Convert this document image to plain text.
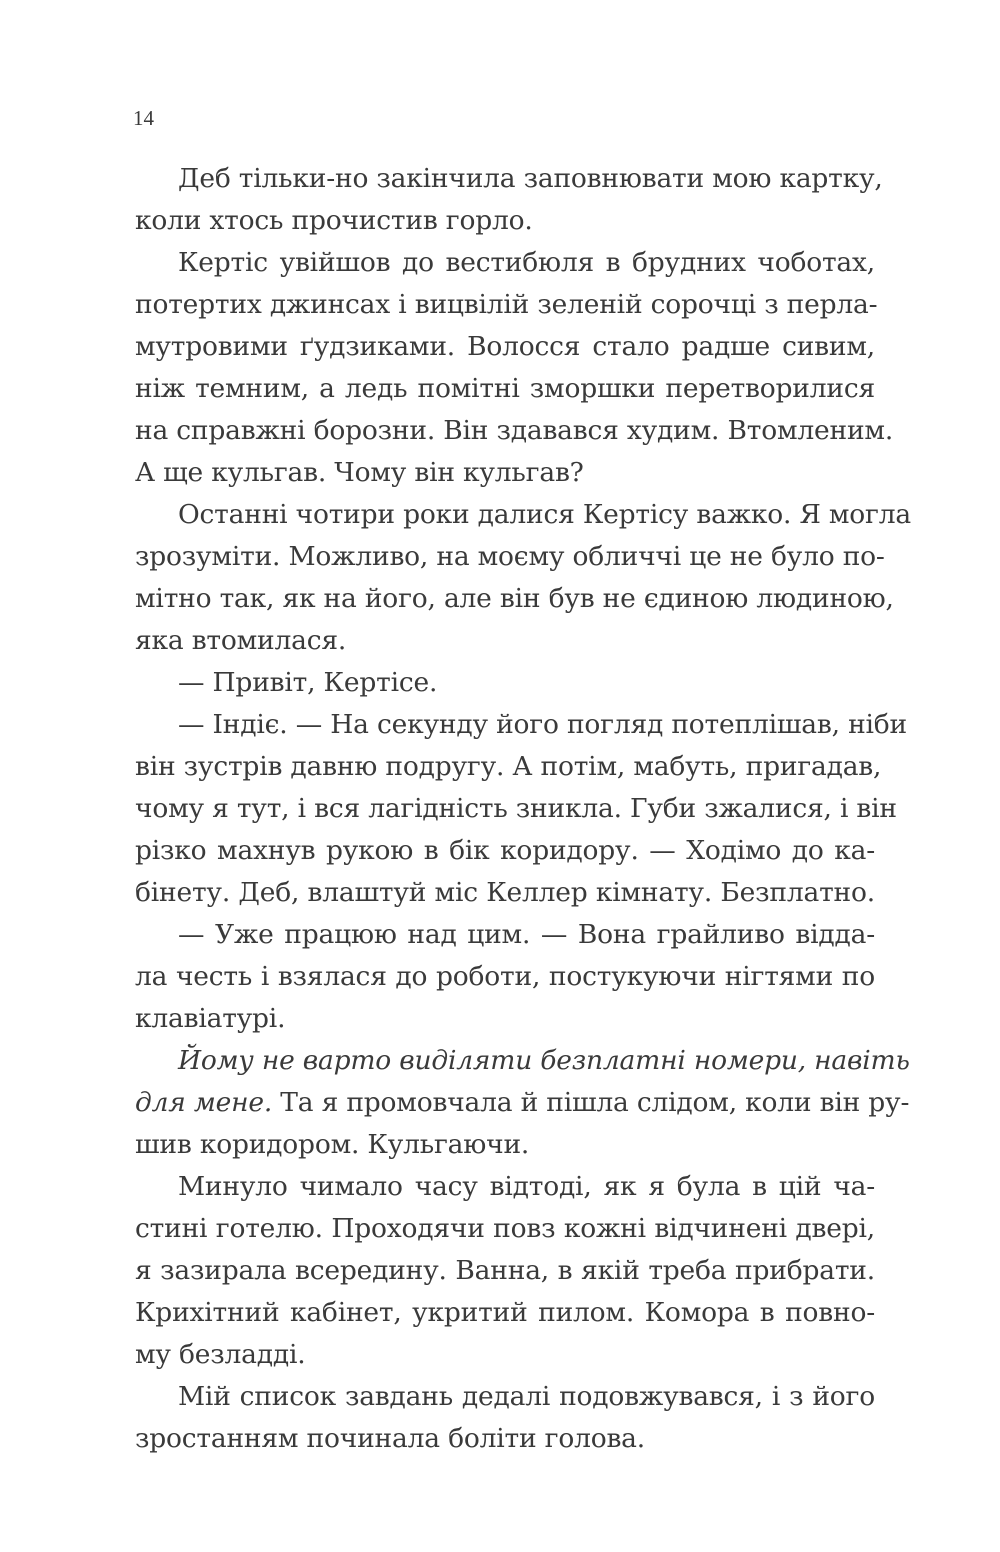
14
Деб тільки-но закінчила заповнювати мою картку,
коли хтось прочистив горло.
Кертіс увійшов до вестибюля в брудних чоботах,
потертих джинсах і вицвілій зеленій сорочці з перла-
мутровими ґудзиками. Волосся стало радше сивим,
ніж темним, а ледь помітні зморшки перетворилися
на справжні борозни. Він здавався худим. Втомленим.
А ще кульгав. Чому він кульгав?
Останні чотири роки далися Кертісу важко. Я могла
зрозуміти. Можливо, на моєму обличчі це не було по-
мітно так, як на його, але він був не єдиною людиною,
яка втомилася.
— Привіт, Кертісе.
— Індіє. — На секунду його погляд потеплішав, ніби
він зустрів давню подругу. А потім, мабуть, пригадав,
чому я тут, і вся лагідність зникла. Губи зжалися, і він
різко махнув рукою в бік коридору. — Ходімо до ка-
бінету. Деб, влаштуй міс Келлер кімнату. Безплатно.
— Уже працюю над цим. — Вона грайливо відда-
ла честь і взялася до роботи, постукуючи нігтями по
клавіатурі.
Йому не варто виділяти безплатні номери, навіть
для мене. Та я промовчала й пішла слідом, коли він ру-
шив коридором. Кульгаючи.
Минуло чимало часу відтоді, як я була в цій ча-
стині готелю. Проходячи повз кожні відчинені двері,
я зазирала всередину. Ванна, в якій треба прибрати.
Крихітний кабінет, укритий пилом. Комора в повно-
му безладді.
Мій список завдань дедалі подовжувався, і з його
зростанням починала боліти голова.
